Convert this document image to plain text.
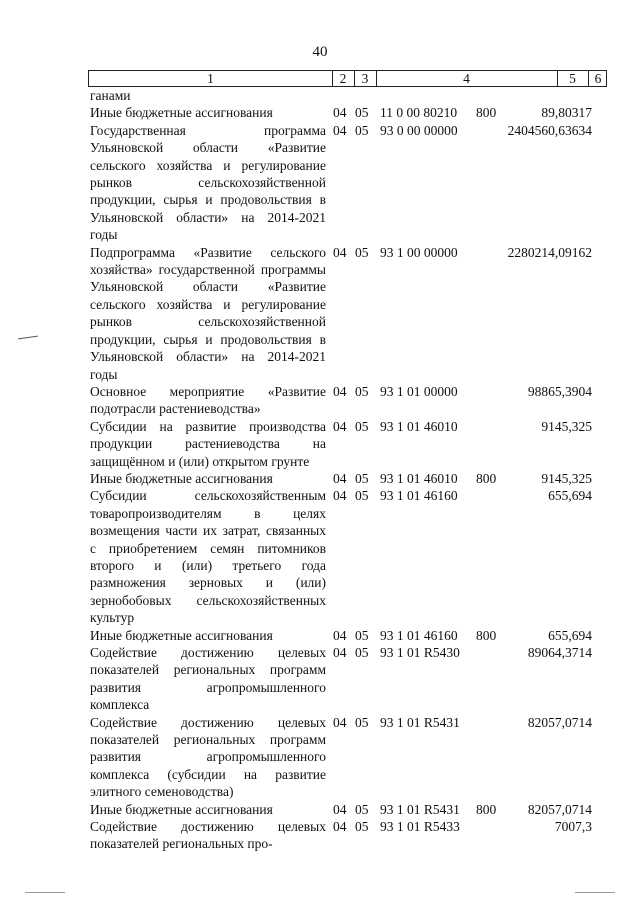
40
1	2	3	4	5	6
ганами
Иные бюджетные ассигнования	04 05 11 0 00 80210 800	89,80317
Государственная программа Ульяновской области «Развитие сельского хозяйства и регулирование рынков сельскохозяйственной продукции, сырья и продовольствия в Ульяновской области» на 2014-2021 годы
04 05 93 0 00 00000	2404560,63634
Подпрограмма «Развитие сельского хозяйства» государственной программы Ульяновской области «Развитие сельского хозяйства и регулирование рынков сельскохозяйственной продукции, сырья и продовольствия в Ульяновской области» на 2014-2021 годы
04 05 93 1 00 00000	2280214,09162
Основное мероприятие «Развитие подотрасли растениеводства»
04 05 93 1 01 00000	98865,3904
Субсидии на развитие производства продукции растениеводства на защищённом и (или) открытом грунте
04 05 93 1 01 46010	9145,325
Иные бюджетные ассигнования	04 05 93 1 01 46010 800	9145,325
Субсидии сельскохозяйственным товаропроизводителям в целях возмещения части их затрат, связанных с приобретением семян питомников второго и (или) третьего года размножения зерновых и (или) зернобобовых сельскохозяйственных культур
04 05 93 1 01 46160	655,694
Иные бюджетные ассигнования	04 05 93 1 01 46160 800	655,694
Содействие достижению целевых показателей региональных программ развития агропромышленного комплекса
04 05 93 1 01 R5430	89064,3714
Содействие достижению целевых показателей региональных программ развития агропромышленного комплекса (субсидии на развитие элитного семеноводства)
04 05 93 1 01 R5431	82057,0714
Иные бюджетные ассигнования	04 05 93 1 01 R5431 800 82057,0714
Содействие достижению целевых показателей региональных про-
04 05 93 1 01 R5433	7007,3
